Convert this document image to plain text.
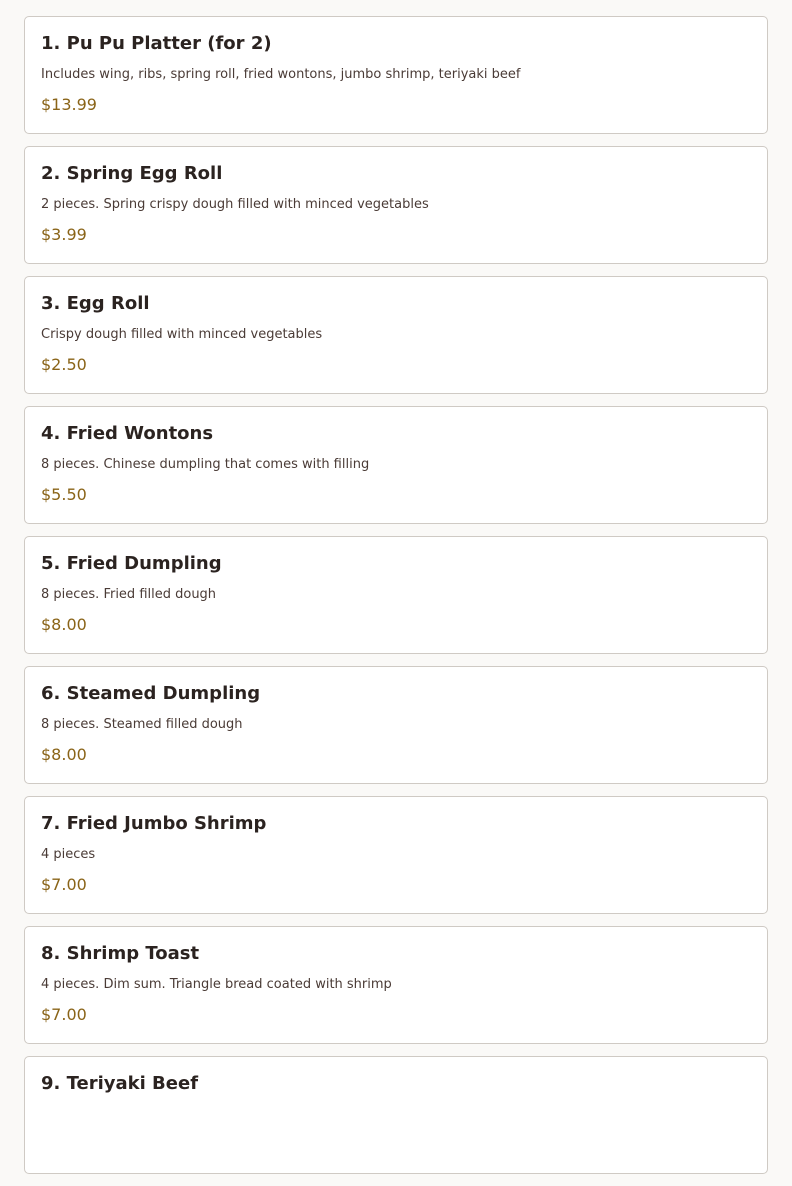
1. Pu Pu Platter (for 2)
Includes wing, ribs, spring roll, fried wontons, jumbo shrimp, teriyaki beef
$13.99
2. Spring Egg Roll
2 pieces. Spring crispy dough filled with minced vegetables
$3.99
3. Egg Roll
Crispy dough filled with minced vegetables
$2.50
4. Fried Wontons
8 pieces. Chinese dumpling that comes with filling
$5.50
5. Fried Dumpling
8 pieces. Fried filled dough
$8.00
6. Steamed Dumpling
8 pieces. Steamed filled dough
$8.00
7. Fried Jumbo Shrimp
4 pieces
$7.00
8. Shrimp Toast
4 pieces. Dim sum. Triangle bread coated with shrimp
$7.00
9. Teriyaki Beef
